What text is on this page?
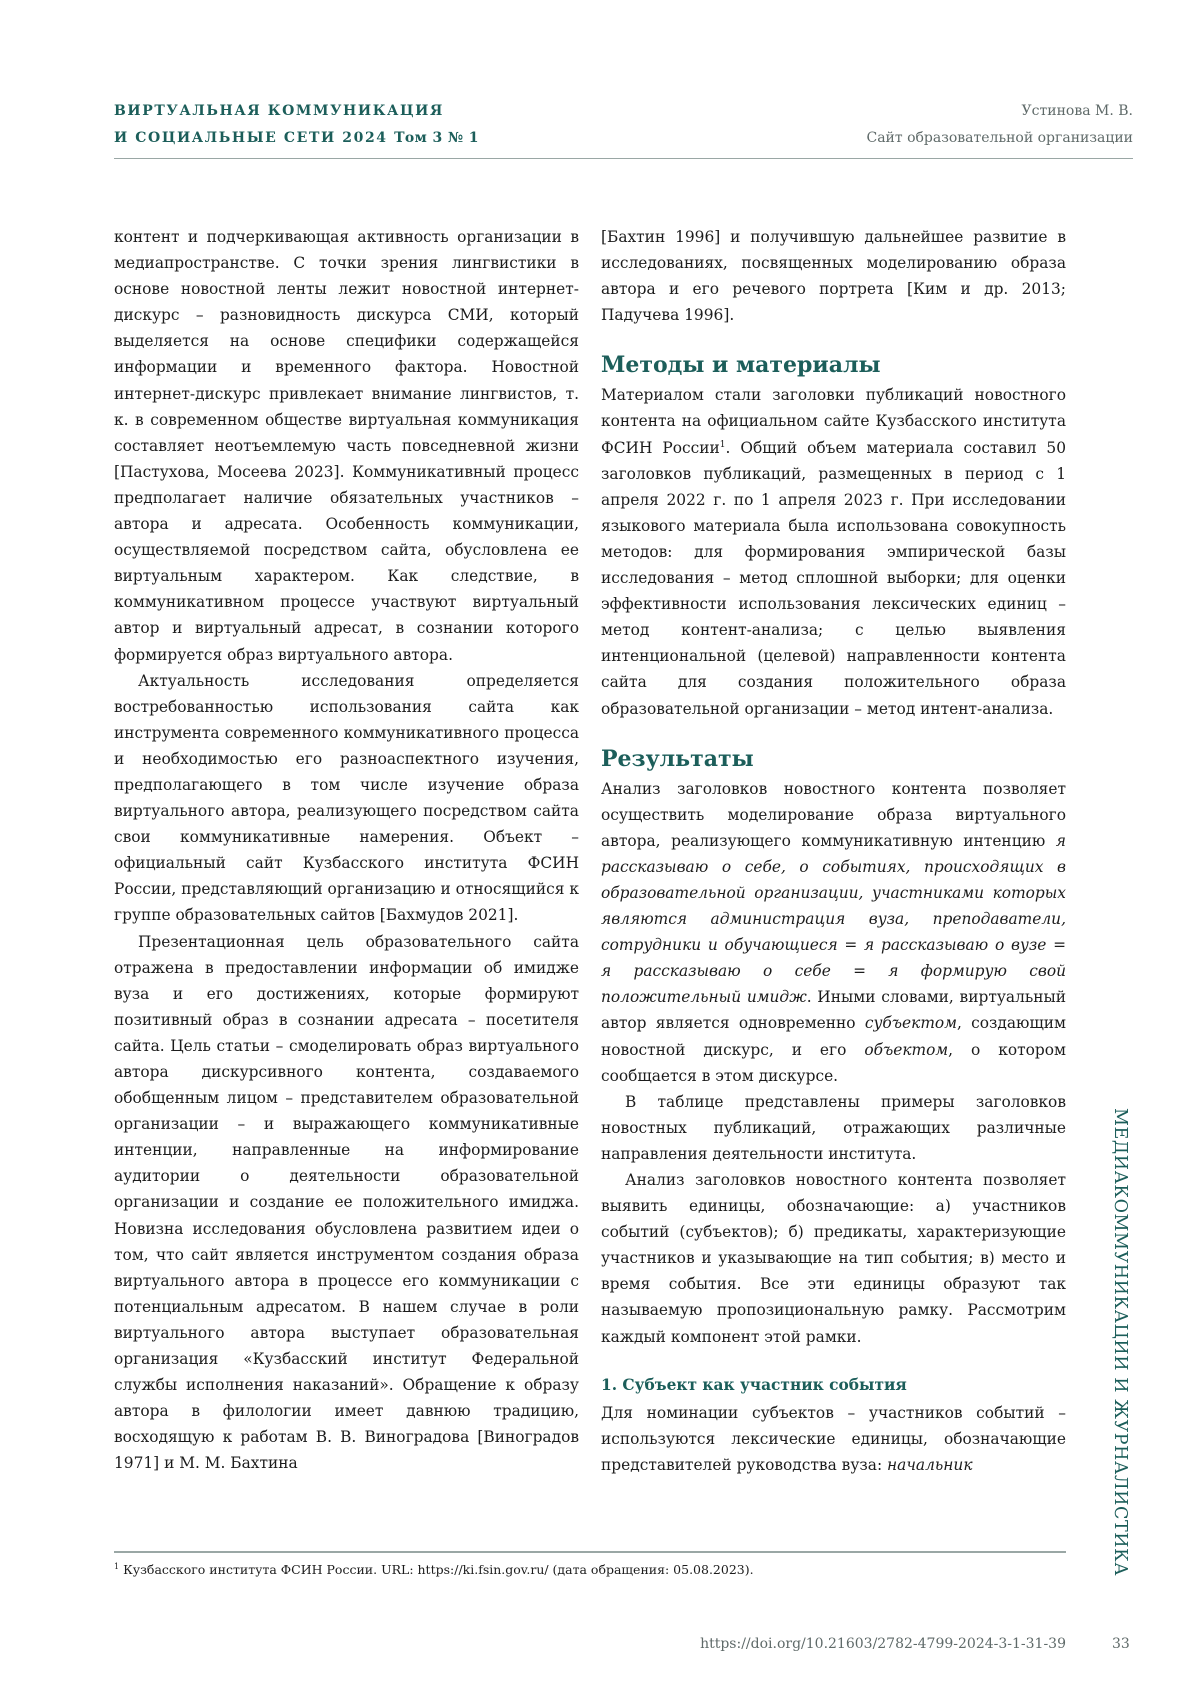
ВИРТУАЛЬНАЯ КОММУНИКАЦИЯ
И СОЦИАЛЬНЫЕ СЕТИ 2024 Том 3 № 1
Устинова М. В.
Сайт образовательной организации

контент и подчеркивающая активность организации в медиапространстве. С точки зрения лингвистики в основе новостной ленты лежит новостной интернет-дискурс – разновидность дискурса СМИ, который выделяется на основе специфики содержащейся информации и временного фактора. Новостной интернет-дискурс привлекает внимание лингвистов, т. к. в современном обществе виртуальная коммуникация составляет неотъемлемую часть повседневной жизни [Пастухова, Мосеева 2023]. Коммуникативный процесс предполагает наличие обязательных участников – автора и адресата. Особенность коммуникации, осуществляемой посредством сайта, обусловлена ее виртуальным характером. Как следствие, в коммуникативном процессе участвуют виртуальный автор и виртуальный адресат, в сознании которого формируется образ виртуального автора.

Актуальность исследования определяется востребованностью использования сайта как инструмента современного коммуникативного процесса и необходимостью его разноаспектного изучения, предполагающего в том числе изучение образа виртуального автора, реализующего посредством сайта свои коммуникативные намерения. Объект – официальный сайт Кузбасского института ФСИН России, представляющий организацию и относящийся к группе образовательных сайтов [Бахмудов 2021].

Презентационная цель образовательного сайта отражена в предоставлении информации об имидже вуза и его достижениях, которые формируют позитивный образ в сознании адресата – посетителя сайта. Цель статьи – смоделировать образ виртуального автора дискурсивного контента, создаваемого обобщенным лицом – представителем образовательной организации – и выражающего коммуникативные интенции, направленные на информирование аудитории о деятельности образовательной организации и создание ее положительного имиджа. Новизна исследования обусловлена развитием идеи о том, что сайт является инструментом создания образа виртуального автора в процессе его коммуникации с потенциальным адресатом. В нашем случае в роли виртуального автора выступает образовательная организация «Кузбасский институт Федеральной службы исполнения наказаний». Обращение к образу автора в филологии имеет давнюю традицию, восходящую к работам В. В. Виноградова [Виноградов 1971] и М. М. Бахтина

[Бахтин 1996] и получившую дальнейшее развитие в исследованиях, посвященных моделированию образа автора и его речевого портрета [Ким и др. 2013; Падучева 1996].

Методы и материалы

Материалом стали заголовки публикаций новостного контента на официальном сайте Кузбасского института ФСИН России$^1$. Общий объем материала составил 50 заголовков публикаций, размещенных в период с 1 апреля 2022 г. по 1 апреля 2023 г. При исследовании языкового материала была использована совокупность методов: для формирования эмпирической базы исследования – метод сплошной выборки; для оценки эффективности использования лексических единиц – метод контент-анализа; с целью выявления интенциональной (целевой) направленности контента сайта для создания положительного образа образовательной организации – метод интент-анализа.

Результаты

Анализ заголовков новостного контента позволяет осуществить моделирование образа виртуального автора, реализующего коммуникативную интенцию я рассказываю о себе, о событиях, происходящих в образовательной организации, участниками которых являются администрация вуза, преподаватели, сотрудники и обучающиеся = я рассказываю о вузе = я рассказываю о себе = я формирую свой положительный имидж. Иными словами, виртуальный автор является одновременно субъектом, создающим новостной дискурс, и его объектом, о котором сообщается в этом дискурсе.

В таблице представлены примеры заголовков новостных публикаций, отражающих различные направления деятельности института.

Анализ заголовков новостного контента позволяет выявить единицы, обозначающие: а) участников событий (субъектов); б) предикаты, характеризующие участников и указывающие на тип события; в) место и время события. Все эти единицы образуют так называемую пропозициональную рамку. Рассмотрим каждый компонент этой рамки.

1. Субъект как участник события

Для номинации субъектов – участников событий – используются лексические единицы, обозначающие представителей руководства вуза: начальник	МЕДИАКОММУНИКАЦИИ И ЖУРНАЛИСТИКА
$^1$ Кузбасского института ФСИН России. URL: https://ki.fsin.gov.ru/ (дата обращения: 05.08.2023).
https://doi.org/10.21603/2782-4799-2024-3-1-31-39	33
